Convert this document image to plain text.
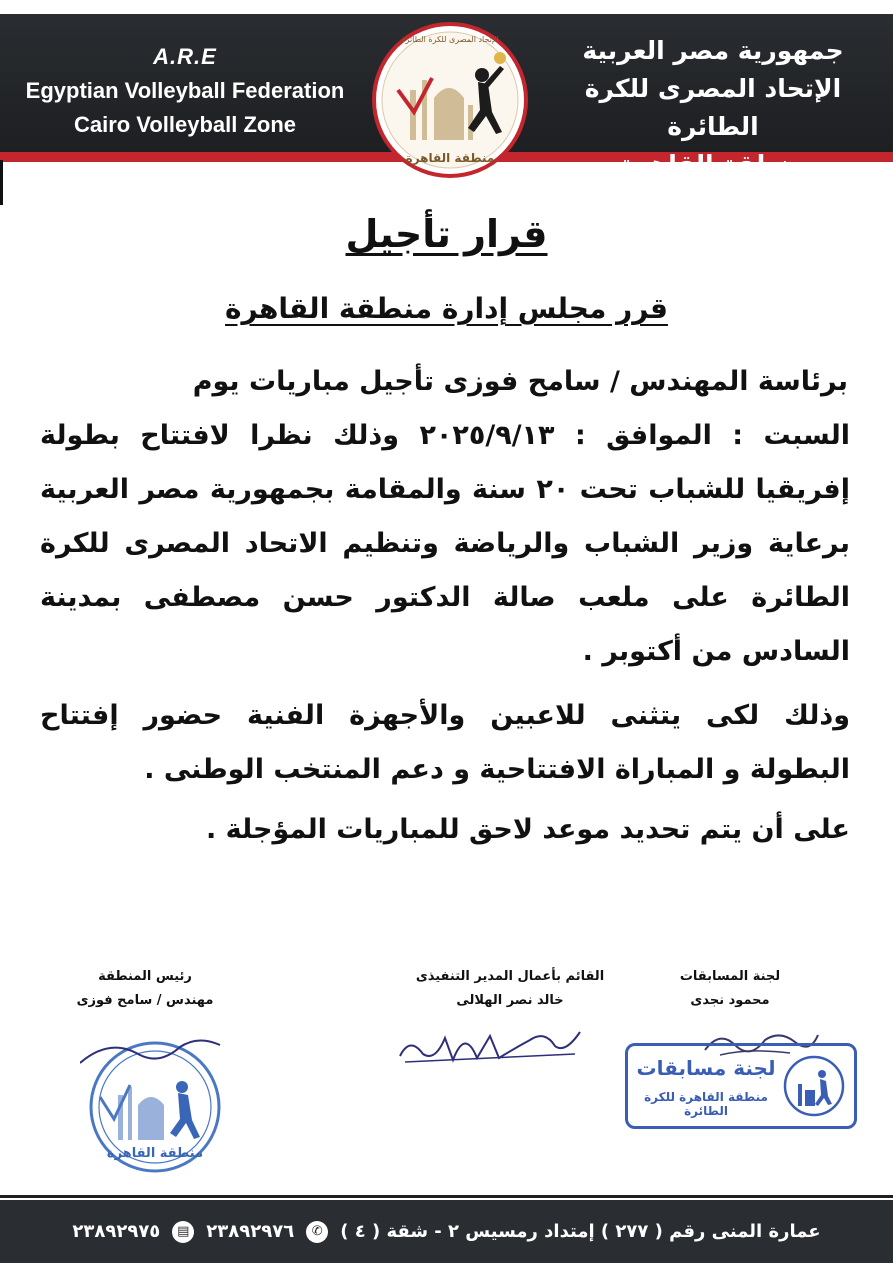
A.R.E
Egyptian Volleyball Federation
Cairo Volleyball Zone
جمهورية مصر العربية
الإتحاد المصرى للكرة الطائرة
منطقة القاهرة
منطقة القاهرة
الإتحاد المصرى للكرة الطائرة
قرار تأجيل
قرر مجلس إدارة منطقة القاهرة

برئاسة المهندس / سامح فوزى تأجيل مباريات يوم

السبت : الموافق : ٢٠٢٥/٩/١٣ وذلك نظرا لافتتاح بطولة إفريقيا للشباب تحت ٢٠ سنة والمقامة بجمهورية مصر العربية برعاية وزير الشباب والرياضة وتنظيم الاتحاد المصرى للكرة الطائرة على ملعب صالة الدكتور حسن مصطفى بمدينة السادس من أكتوبر .

وذلك لكى يتثنى للاعبين والأجهزة الفنية حضور إفتتاح البطولة و المباراة الافتتاحية و دعم المنتخب الوطنى .

على أن يتم تحديد موعد لاحق للمباريات المؤجلة .

لجنة المسابقات
محمود نجدى
القائم بأعمال المدير التنفيذى
خالد نصر الهلالى
رئيس المنطقة
مهندس / سامح فوزى
لجنة مسابقات
منطقة القاهرة للكرة الطائرة
منطقة القاهرة
عمارة المنى رقم ( ٢٧٧ ) إمتداد رمسيس ٢ - شقة ( ٤ )
✆
٢٣٨٩٢٩٧٦
▤
٢٣٨٩٢٩٧٥
